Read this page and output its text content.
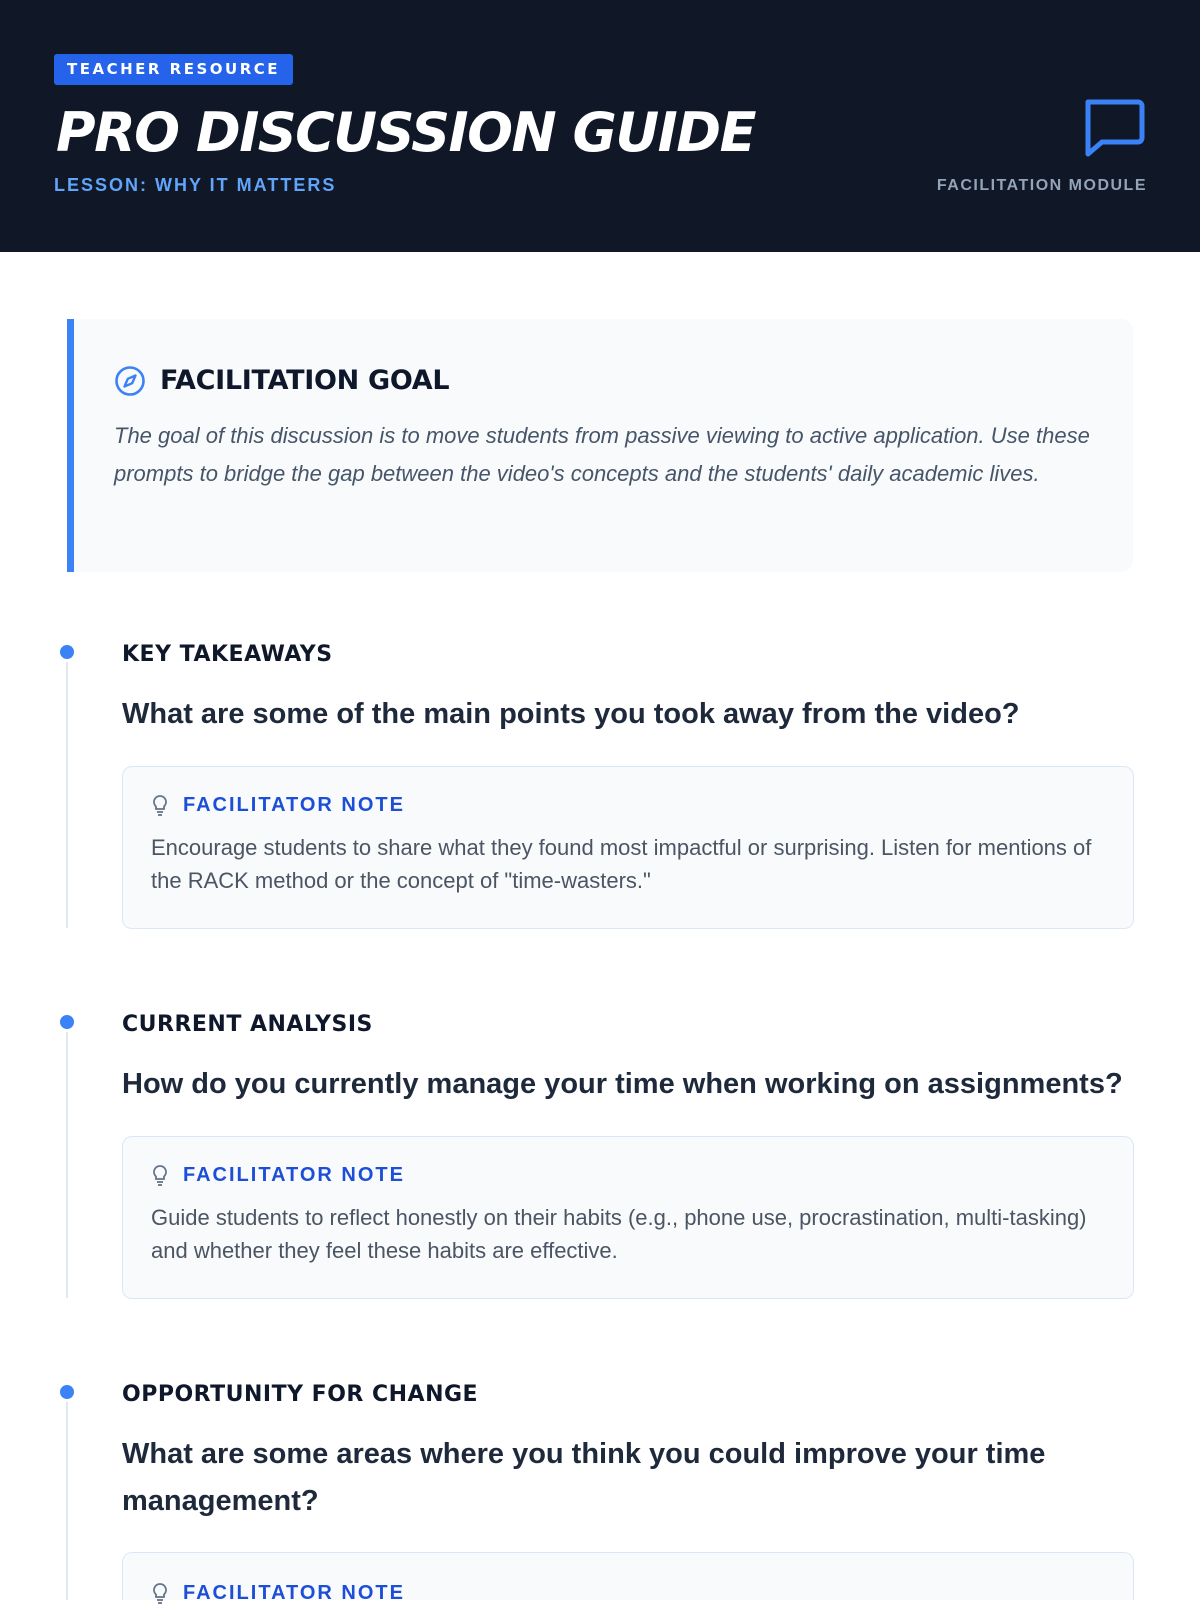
TEACHER RESOURCE
PRO DISCUSSION GUIDE
LESSON: WHY IT MATTERS	FACILITATION MODULE
FACILITATION GOAL
The goal of this discussion is to move students from passive viewing to active application. Use these prompts to bridge the gap between the video's concepts and the students' daily academic lives.
KEY TAKEAWAYS
What are some of the main points you took away from the video?
FACILITATOR NOTE
Encourage students to share what they found most impactful or surprising. Listen for mentions of the RACK method or the concept of "time-wasters."
CURRENT ANALYSIS
How do you currently manage your time when working on assignments?
FACILITATOR NOTE
Guide students to reflect honestly on their habits (e.g., phone use, procrastination, multi-tasking) and whether they feel these habits are effective.
OPPORTUNITY FOR CHANGE
What are some areas where you think you could improve your time management?
FACILITATOR NOTE
